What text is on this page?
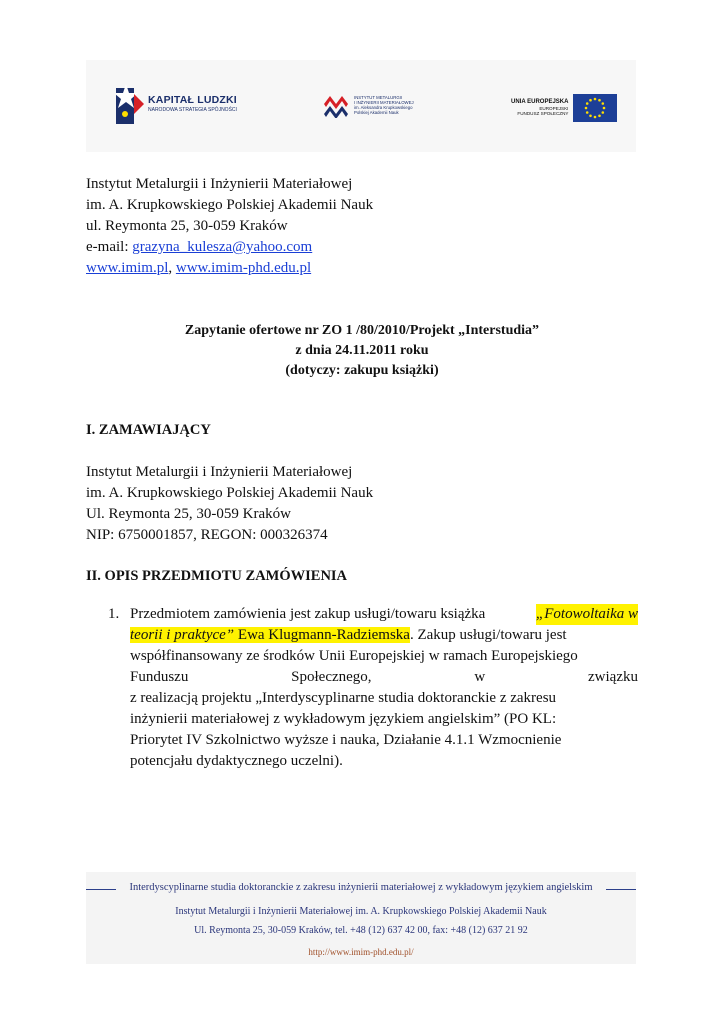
KAPITAŁ LUDZKI
NARODOWA STRATEGIA SPÓJNOŚCI
INSTYTUT METALURGII
I INŻYNIERII MATERIAŁOWEJ
im. Aleksandra Krupkowskiego
Polskiej Akademii Nauk
UNIA EUROPEJSKA
EUROPEJSKI
FUNDUSZ SPOŁECZNY
Instytut Metalurgii i Inżynierii Materiałowej
im. A. Krupkowskiego Polskiej Akademii Nauk
ul. Reymonta 25, 30-059 Kraków
e-mail: grazyna_kulesza@yahoo.com
www.imim.pl, www.imim-phd.edu.pl
Zapytanie ofertowe nr ZO 1 /80/2010/Projekt „Interstudia”
z dnia 24.11.2011 roku
(dotyczy: zakupu książki)
I. ZAMAWIAJĄCY
Instytut Metalurgii i Inżynierii Materiałowej
im. A. Krupkowskiego Polskiej Akademii Nauk
Ul. Reymonta 25, 30-059 Kraków
NIP: 6750001857, REGON: 000326374
II. OPIS PRZEDMIOTU ZAMÓWIENIA
1. Przedmiotem zamówienia jest zakup usługi/towaru książka	„Fotowoltaika w
teorii i praktyce” Ewa Klugmann-Radziemska. Zakup usługi/towaru jest
współfinansowany ze środków Unii Europejskiej w ramach Europejskiego
Funduszu	Społecznego,	w	związku
z realizacją projektu „Interdyscyplinarne studia doktoranckie z zakresu
inżynierii materiałowej z wykładowym językiem angielskim” (PO KL:
Priorytet IV Szkolnictwo wyższe i nauka, Działanie 4.1.1 Wzmocnienie
potencjału dydaktycznego uczelni).
Interdyscyplinarne studia doktoranckie z zakresu inżynierii materiałowej z wykładowym językiem angielskim
Instytut Metalurgii i Inżynierii Materiałowej im. A. Krupkowskiego Polskiej Akademii Nauk
Ul. Reymonta 25, 30-059 Kraków, tel. +48 (12) 637 42 00, fax: +48 (12) 637 21 92
http://www.imim-phd.edu.pl/
